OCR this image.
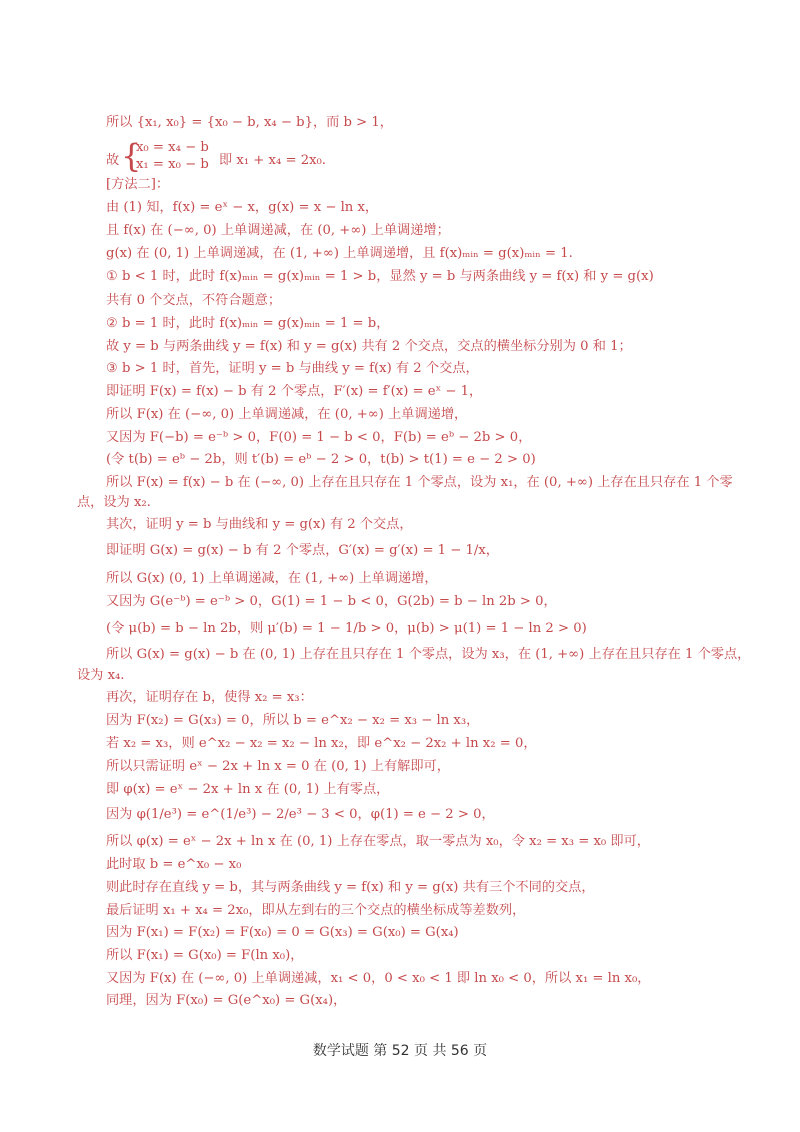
所以 {x₁, x₀} = {x₀ − b, x₄ − b}，而 b > 1，
故 {
x₀ = x₄ − b
x₁ = x₀ − b 即 x₁ + x₄ = 2x₀.
[方法二]：
由 (1) 知，f(x) = eˣ − x，g(x) = x − ln x，
且 f(x) 在 (−∞, 0) 上单调递减，在 (0, +∞) 上单调递增；
g(x) 在 (0, 1) 上单调递减，在 (1, +∞) 上单调递增，且 f(x)ₘᵢₙ = g(x)ₘᵢₙ = 1.
① b < 1 时，此时 f(x)ₘᵢₙ = g(x)ₘᵢₙ = 1 > b，显然 y = b 与两条曲线 y = f(x) 和 y = g(x)
共有 0 个交点，不符合题意；
② b = 1 时，此时 f(x)ₘᵢₙ = g(x)ₘᵢₙ = 1 = b，
故 y = b 与两条曲线 y = f(x) 和 y = g(x) 共有 2 个交点，交点的横坐标分别为 0 和 1；
③ b > 1 时，首先，证明 y = b 与曲线 y = f(x) 有 2 个交点，
即证明 F(x) = f(x) − b 有 2 个零点，F′(x) = f′(x) = eˣ − 1，
所以 F(x) 在 (−∞, 0) 上单调递减，在 (0, +∞) 上单调递增，
又因为 F(−b) = e⁻ᵇ > 0，F(0) = 1 − b < 0，F(b) = eᵇ − 2b > 0，
(令 t(b) = eᵇ − 2b，则 t′(b) = eᵇ − 2 > 0，t(b) > t(1) = e − 2 > 0)
所以 F(x) = f(x) − b 在 (−∞, 0) 上存在且只存在 1 个零点，设为 x₁，在 (0, +∞) 上存在且只存在 1 个零
点，设为 x₂.
其次，证明 y = b 与曲线和 y = g(x) 有 2 个交点，
即证明 G(x) = g(x) − b 有 2 个零点，G′(x) = g′(x) = 1 − 1/x，
所以 G(x) (0, 1) 上单调递减，在 (1, +∞) 上单调递增，
又因为 G(e⁻ᵇ) = e⁻ᵇ > 0，G(1) = 1 − b < 0，G(2b) = b − ln 2b > 0，
(令 μ(b) = b − ln 2b，则 μ′(b) = 1 − 1/b > 0，μ(b) > μ(1) = 1 − ln 2 > 0)
所以 G(x) = g(x) − b 在 (0, 1) 上存在且只存在 1 个零点，设为 x₃，在 (1, +∞) 上存在且只存在 1 个零点，
设为 x₄.
再次，证明存在 b，使得 x₂ = x₃：
因为 F(x₂) = G(x₃) = 0，所以 b = e^x₂ − x₂ = x₃ − ln x₃，
若 x₂ = x₃，则 e^x₂ − x₂ = x₂ − ln x₂，即 e^x₂ − 2x₂ + ln x₂ = 0，
所以只需证明 eˣ − 2x + ln x = 0 在 (0, 1) 上有解即可，
即 φ(x) = eˣ − 2x + ln x 在 (0, 1) 上有零点，
因为 φ(1/e³) = e^(1/e³) − 2/e³ − 3 < 0，φ(1) = e − 2 > 0，
所以 φ(x) = eˣ − 2x + ln x 在 (0, 1) 上存在零点，取一零点为 x₀，令 x₂ = x₃ = x₀ 即可，
此时取 b = e^x₀ − x₀
则此时存在直线 y = b，其与两条曲线 y = f(x) 和 y = g(x) 共有三个不同的交点，
最后证明 x₁ + x₄ = 2x₀，即从左到右的三个交点的横坐标成等差数列，
因为 F(x₁) = F(x₂) = F(x₀) = 0 = G(x₃) = G(x₀) = G(x₄)
所以 F(x₁) = G(x₀) = F(ln x₀)，
又因为 F(x) 在 (−∞, 0) 上单调递减，x₁ < 0，0 < x₀ < 1 即 ln x₀ < 0，所以 x₁ = ln x₀，
同理，因为 F(x₀) = G(e^x₀) = G(x₄)，
数学试题 第 52 页 共 56 页
